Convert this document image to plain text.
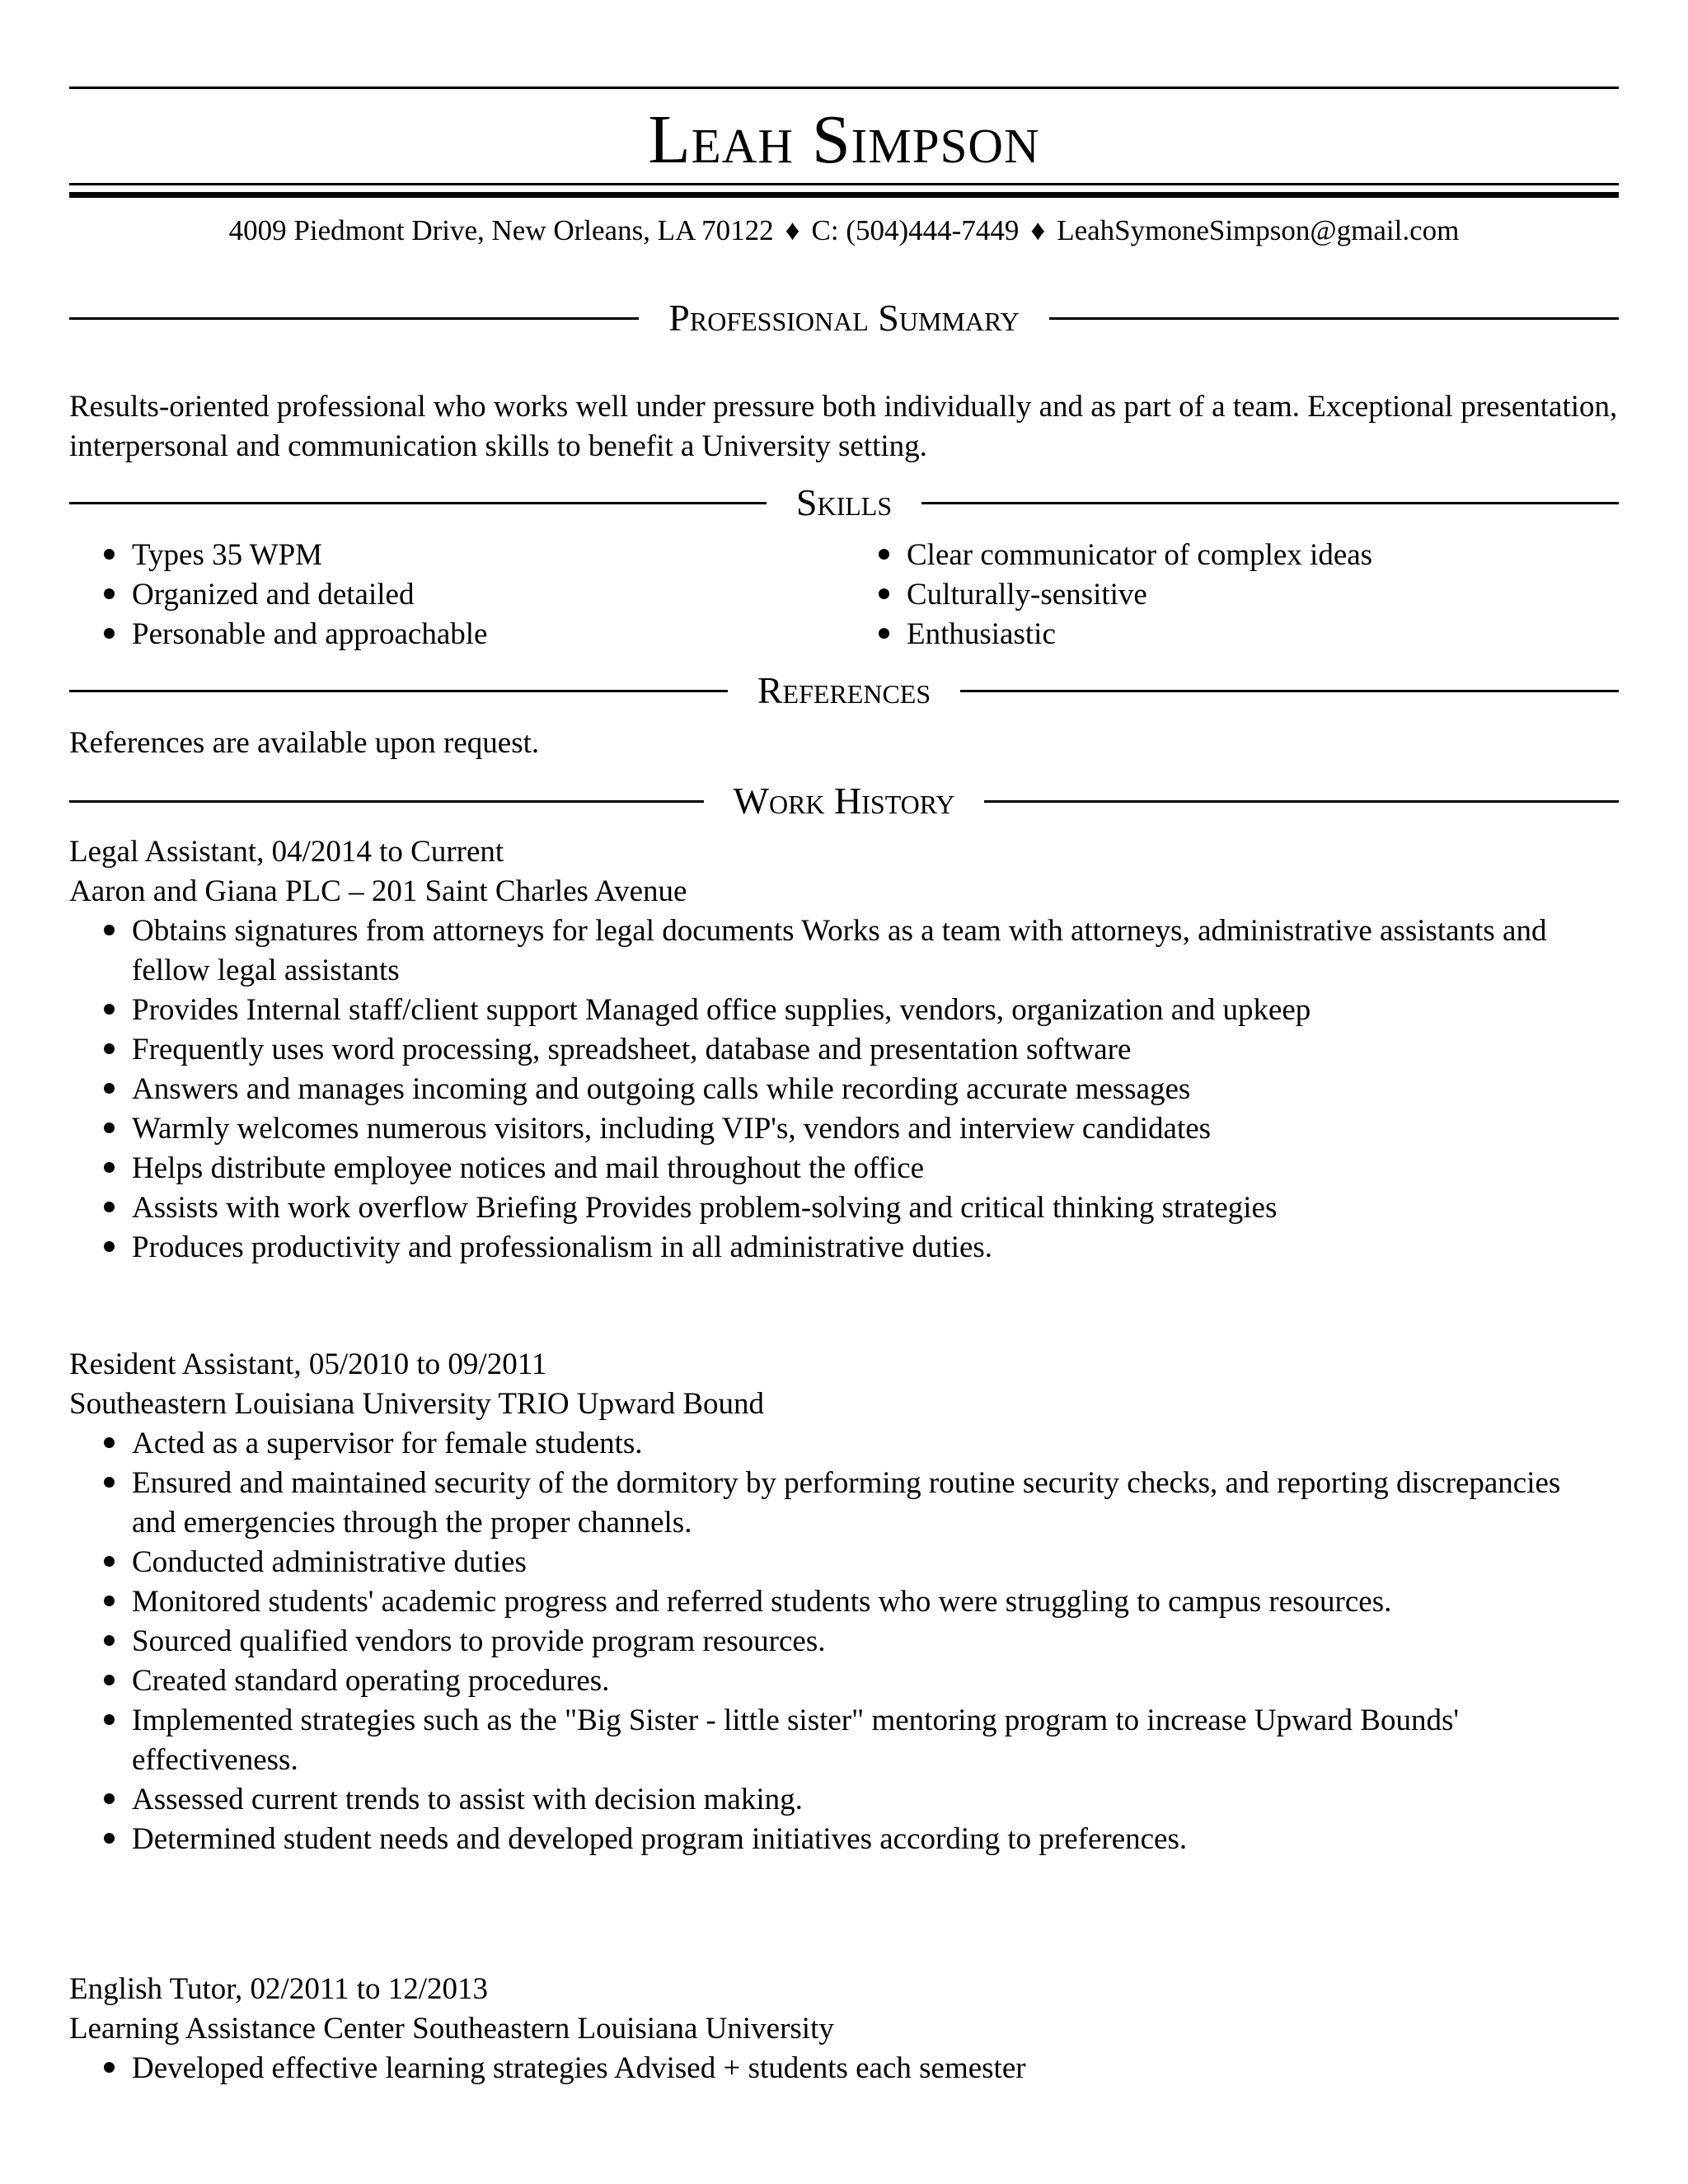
Leah Simpson
4009 Piedmont Drive, New Orleans, LA 70122 ♦ C: (504)444-7449 ♦ LeahSymoneSimpson@gmail.com
Professional Summary
Results-oriented professional who works well under pressure both individually and as part of a team. Exceptional presentation, interpersonal and communication skills to benefit a University setting.
Skills
Types 35 WPM
Organized and detailed
Personable and approachable
Clear communicator of complex ideas
Culturally-sensitive
Enthusiastic
References
References are available upon request.
Work History
Legal Assistant, 04/2014 to Current
Aaron and Giana PLC – 201 Saint Charles Avenue
Obtains signatures from attorneys for legal documents Works as a team with attorneys, administrative assistants and fellow legal assistants
Provides Internal staff/client support Managed office supplies, vendors, organization and upkeep
Frequently uses word processing, spreadsheet, database and presentation software
Answers and manages incoming and outgoing calls while recording accurate messages
Warmly welcomes numerous visitors, including VIP's, vendors and interview candidates
Helps distribute employee notices and mail throughout the office
Assists with work overflow Briefing Provides problem-solving and critical thinking strategies
Produces productivity and professionalism in all administrative duties.
Resident Assistant, 05/2010 to 09/2011
Southeastern Louisiana University TRIO Upward Bound
Acted as a supervisor for female students.
Ensured and maintained security of the dormitory by performing routine security checks, and reporting discrepancies and emergencies through the proper channels.
Conducted administrative duties
Monitored students' academic progress and referred students who were struggling to campus resources.
Sourced qualified vendors to provide program resources.
Created standard operating procedures.
Implemented strategies such as the "Big Sister - little sister" mentoring program to increase Upward Bounds' effectiveness.
Assessed current trends to assist with decision making.
Determined student needs and developed program initiatives according to preferences.
English Tutor, 02/2011 to 12/2013
Learning Assistance Center Southeastern Louisiana University
Developed effective learning strategies Advised + students each semester
